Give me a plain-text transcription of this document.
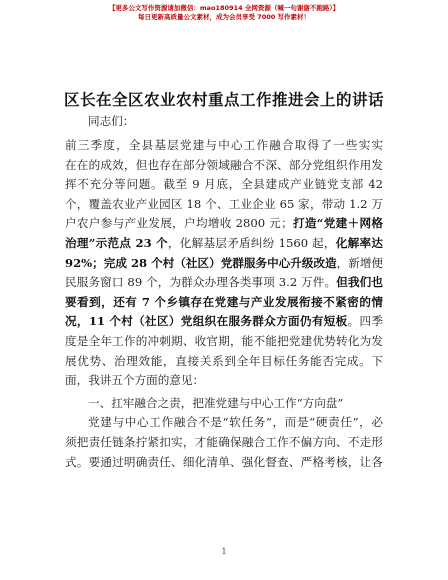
【更多公文写作资源请加微信：mao180914 全网资源（喊一句谢谢不跑路）】
每日更新高质量公文素材，成为会员享受 7000 写作素材！
区长在全区农业农村重点工作推进会上的讲话
同志们：
前三季度，全县基层党建与中心工作融合取得了一些实实
在在的成效，但也存在部分领域融合不深、部分党组织作用发
挥不充分等问题。截至 9 月底，全县建成产业链党支部 42
个，覆盖农业产业园区 18 个、工业企业 65 家，带动 1.2 万
户农户参与产业发展，户均增收 2800 元；打造“党建＋网格
治理”示范点 23 个，化解基层矛盾纠纷 1560 起，化解率达
92%；完成 28 个村（社区）党群服务中心升级改造，新增便
民服务窗口 89 个，为群众办理各类事项 3.2 万件。但我们也
要看到，还有 7 个乡镇存在党建与产业发展衔接不紧密的情
况，11 个村（社区）党组织在服务群众方面仍有短板。四季
度是全年工作的冲刺期、收官期，能不能把党建优势转化为发
展优势、治理效能，直接关系到全年目标任务能否完成。下
面，我讲五个方面的意见：
一、扛牢融合之责，把准党建与中心工作“方向盘”
党建与中心工作融合不是“软任务”，而是“硬责任”，必
须把责任链条拧紧扣实，才能确保融合工作不偏方向、不走形
式。要通过明确责任、细化清单、强化督查、严格考核，让各
1
